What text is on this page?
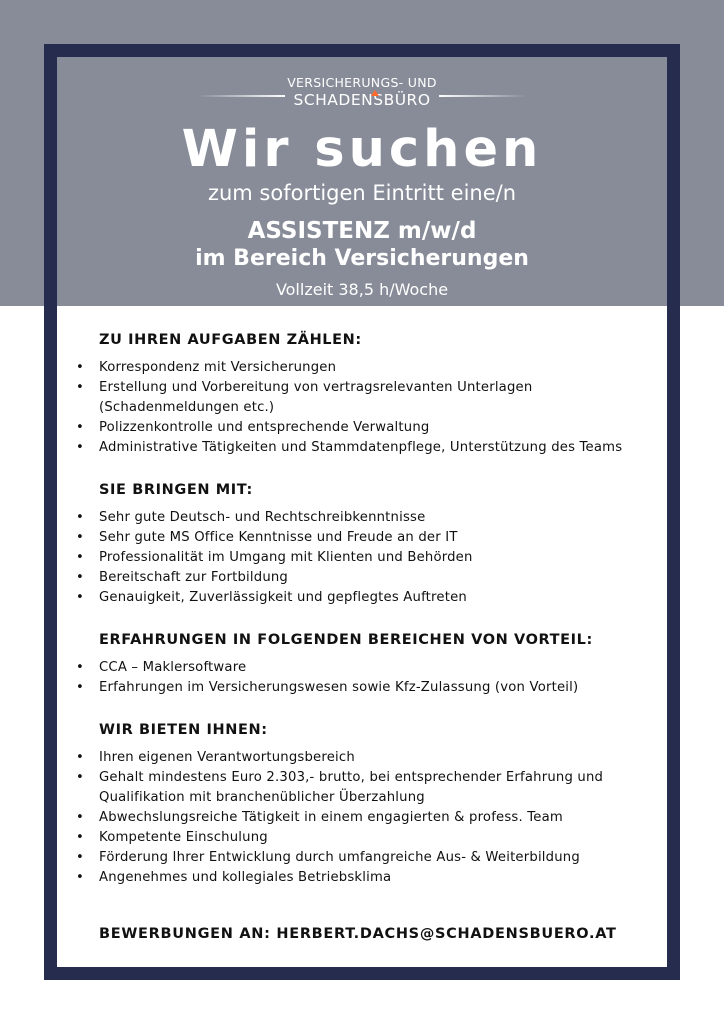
VERSICHERUNGS- UND
SCHADENSBÜRO
Wir suchen
zum sofortigen Eintritt eine/n
ASSISTENZ m/w/d
im Bereich Versicherungen
Vollzeit 38,5 h/Woche
ZU IHREN AUFGABEN ZÄHLEN:
• Korrespondenz mit Versicherungen
• Erstellung und Vorbereitung von vertragsrelevanten Unterlagen (Schadenmeldungen etc.)
• Polizzenkontrolle und entsprechende Verwaltung
• Administrative Tätigkeiten und Stammdatenpflege, Unterstützung des Teams
SIE BRINGEN MIT:
• Sehr gute Deutsch- und Rechtschreibkenntnisse
• Sehr gute MS Office Kenntnisse und Freude an der IT
• Professionalität im Umgang mit Klienten und Behörden
• Bereitschaft zur Fortbildung
• Genauigkeit, Zuverlässigkeit und gepflegtes Auftreten
ERFAHRUNGEN IN FOLGENDEN BEREICHEN VON VORTEIL:
• CCA – Maklersoftware
• Erfahrungen im Versicherungswesen sowie Kfz-Zulassung (von Vorteil)
WIR BIETEN IHNEN:
• Ihren eigenen Verantwortungsbereich
• Gehalt mindestens Euro 2.303,- brutto, bei entsprechender Erfahrung und Qualifikation mit branchenüblicher Überzahlung
• Abwechslungsreiche Tätigkeit in einem engagierten & profess. Team
• Kompetente Einschulung
• Förderung Ihrer Entwicklung durch umfangreiche Aus- & Weiterbildung
• Angenehmes und kollegiales Betriebsklima
BEWERBUNGEN AN: HERBERT.DACHS@SCHADENSBUERO.AT
